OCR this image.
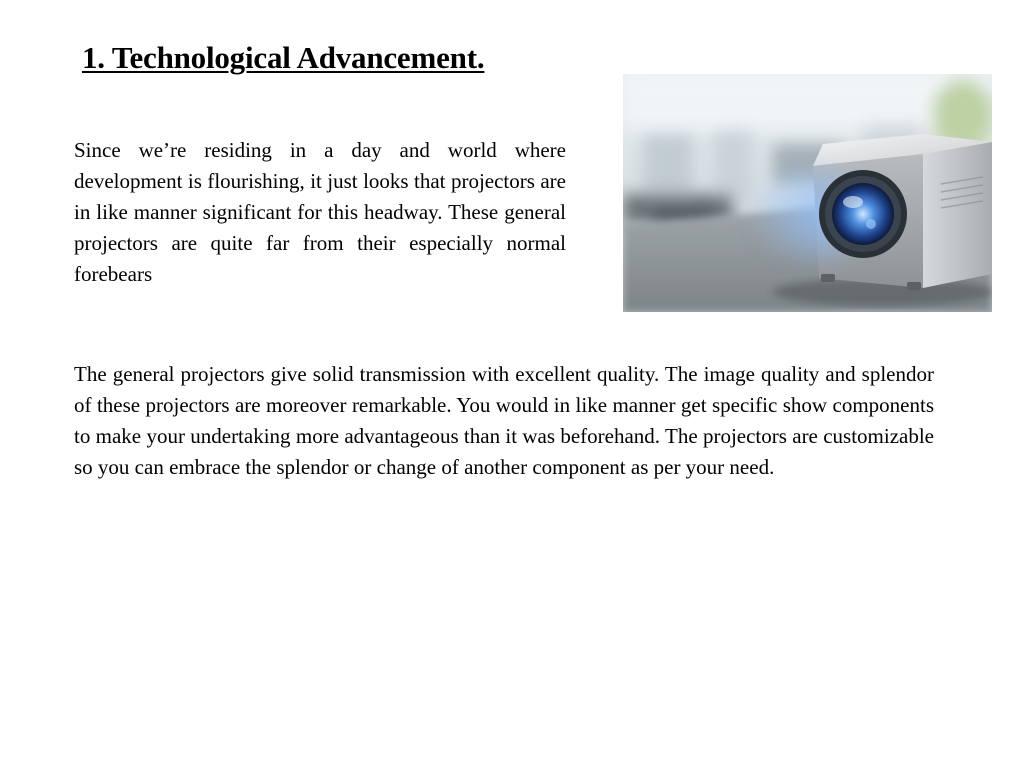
1. Technological Advancement.

Since we’re residing in a day and world where development is flourishing, it just looks that projectors are in like manner significant for this headway. These general projectors are quite far from their especially normal forebears

The general projectors give solid transmission with excellent quality. The image quality and splendor of these projectors are moreover remarkable. You would in like manner get specific show components to make your undertaking more advantageous than it was beforehand. The projectors are customizable so you can embrace the splendor or change of another component as per your need.
